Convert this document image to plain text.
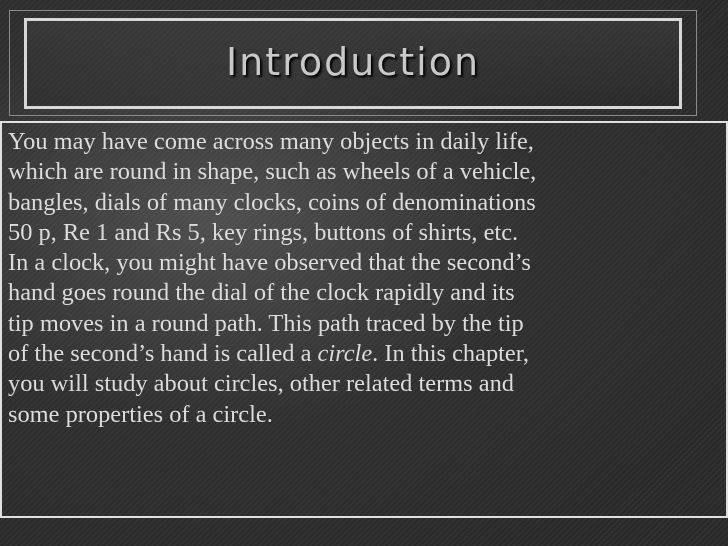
Introduction

You may have come across many objects in daily life,
which are round in shape, such as wheels of a vehicle,
bangles, dials of many clocks, coins of denominations
50 p, Re 1 and Rs 5, key rings, buttons of shirts, etc.
In a clock, you might have observed that the second’s
hand goes round the dial of the clock rapidly and its
tip moves in a round path. This path traced by the tip
of the second’s hand is called a circle. In this chapter,
you will study about circles, other related terms and
some properties of a circle.
